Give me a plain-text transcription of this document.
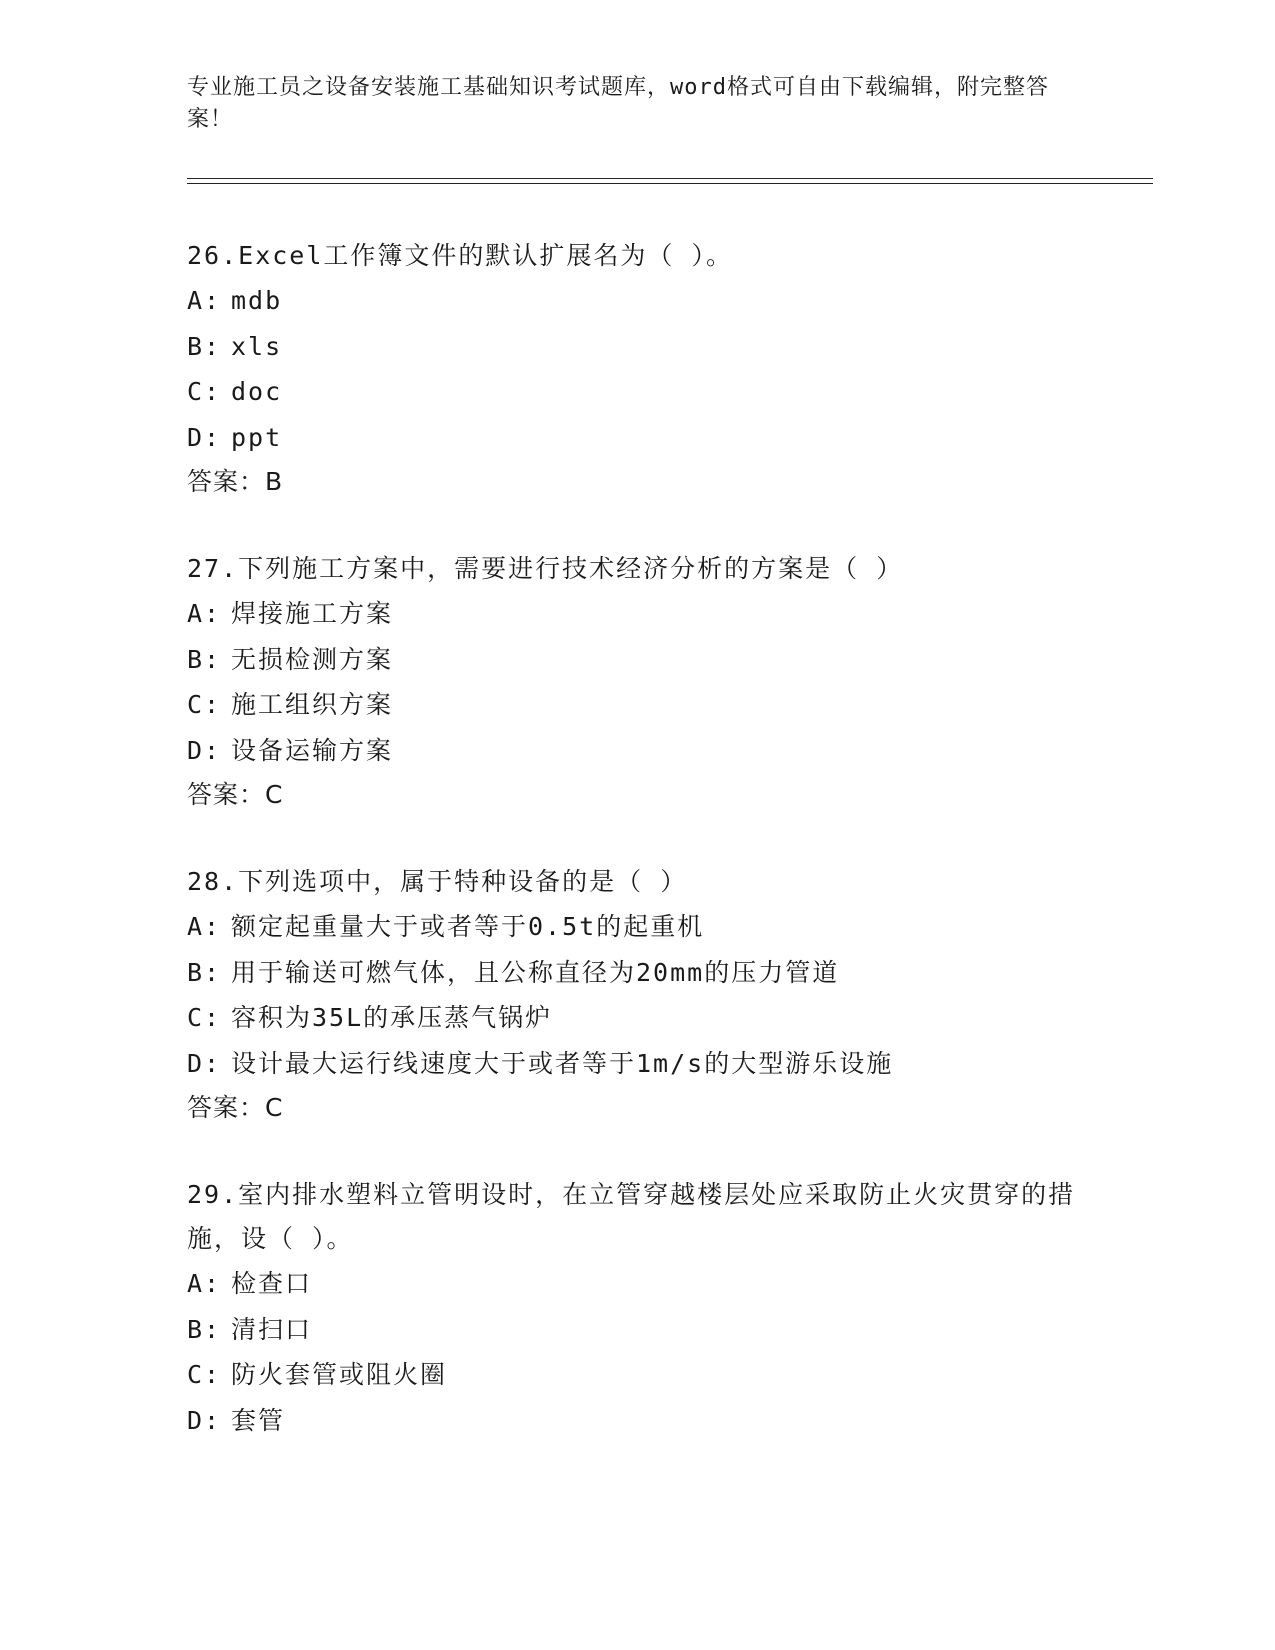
专业施工员之设备安装施工基础知识考试题库，word格式可自由下载编辑，附完整答案！

26.Excel工作簿文件的默认扩展名为（ ）。

A: mdb

B: xls

C: doc

D: ppt

答案：B

27.下列施工方案中，需要进行技术经济分析的方案是（ ）

A: 焊接施工方案

B: 无损检测方案

C: 施工组织方案

D: 设备运输方案

答案：C

28.下列选项中，属于特种设备的是（ ）

A: 额定起重量大于或者等于0.5t的起重机

B: 用于输送可燃气体，且公称直径为20mm的压力管道

C: 容积为35L的承压蒸气锅炉

D: 设计最大运行线速度大于或者等于1m/s的大型游乐设施

答案：C

29.室内排水塑料立管明设时，在立管穿越楼层处应采取防止火灾贯穿的措施，设（ ）。

A: 检查口

B: 清扫口

C: 防火套管或阻火圈

D: 套管
